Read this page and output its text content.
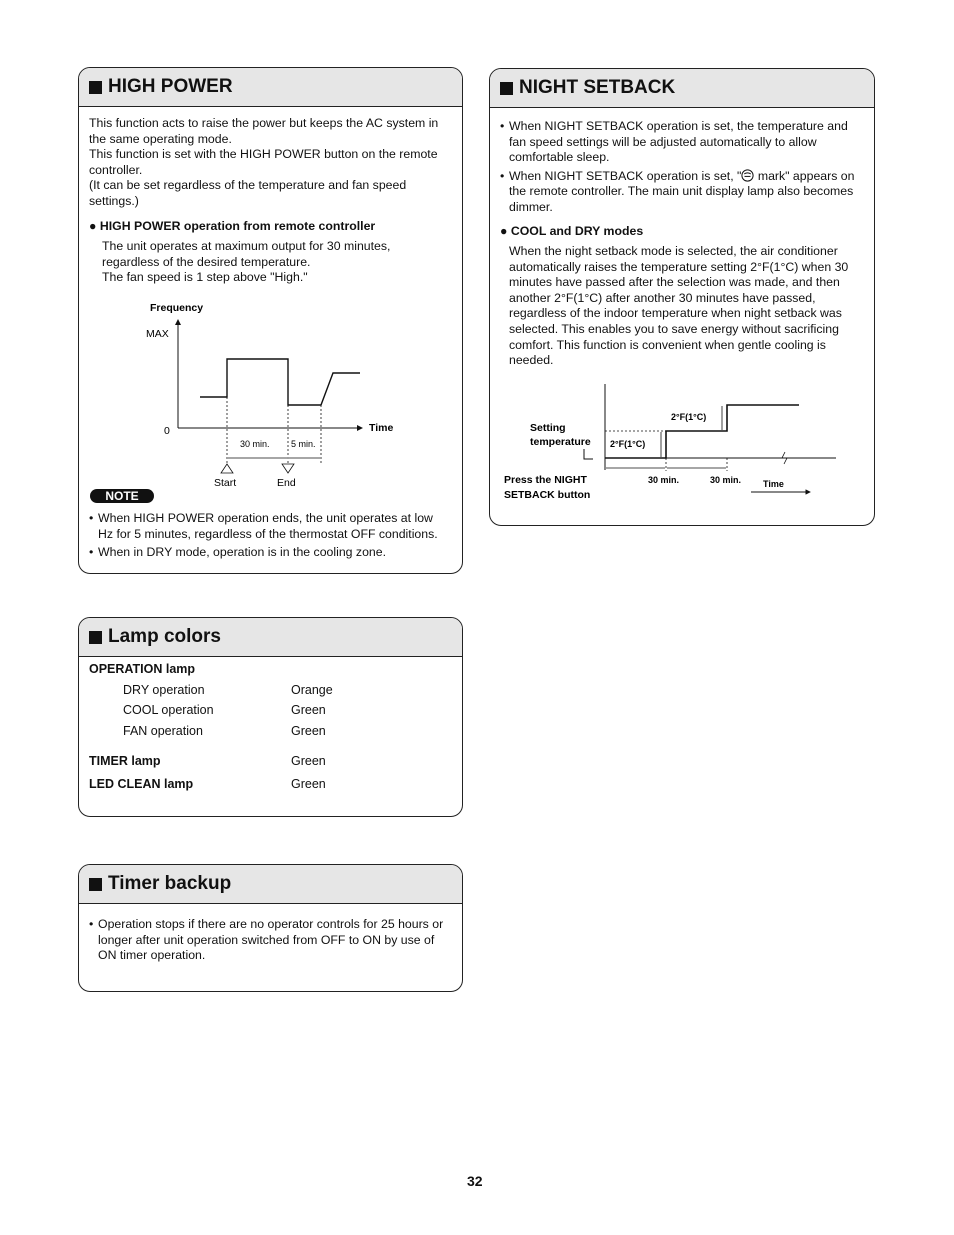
HIGH POWER
This function acts to raise the power but keeps the AC system in
the same operating mode.
This function is set with the HIGH POWER button on the remote
controller.
(It can be set regardless of the temperature and fan speed
settings.)
● HIGH POWER operation from remote controller
The unit operates at maximum output for 30 minutes,
regardless of the desired temperature.
The fan speed is 1 step above "High."
Frequency
MAX
0	Time
30 min. 5 min.
Start	End
NOTE
• When HIGH POWER operation ends, the unit operates at low
Hz for 5 minutes, regardless of the thermostat OFF conditions.
• When in DRY mode, operation is in the cooling zone.
NIGHT SETBACK
• When NIGHT SETBACK operation is set, the temperature and
fan speed settings will be adjusted automatically to allow
comfortable sleep.
• When NIGHT SETBACK operation is set, " mark" appears on
the remote controller. The main unit display lamp also becomes
dimmer.
● COOL and DRY modes
When the night setback mode is selected, the air conditioner
automatically raises the temperature setting 2°F(1°C) when 30
minutes have passed after the selection was made, and then
another 2°F(1°C) after another 30 minutes have passed,
regardless of the indoor temperature when night setback was
selected. This enables you to save energy without sacrificing
comfort. This function is convenient when gentle cooling is
needed.
Setting
temperature 2°F(1°C)
2°F(1°C)
Press the NIGHT
SETBACK button
30 min.	30 min. Time
Lamp colors
OPERATION lamp
DRY operation	Orange
COOL operation	Green
FAN operation	Green
TIMER lamp	Green
LED CLEAN lamp	Green
Timer backup
• Operation stops if there are no operator controls for 25 hours or
longer after unit operation switched from OFF to ON by use of
ON timer operation.
32
